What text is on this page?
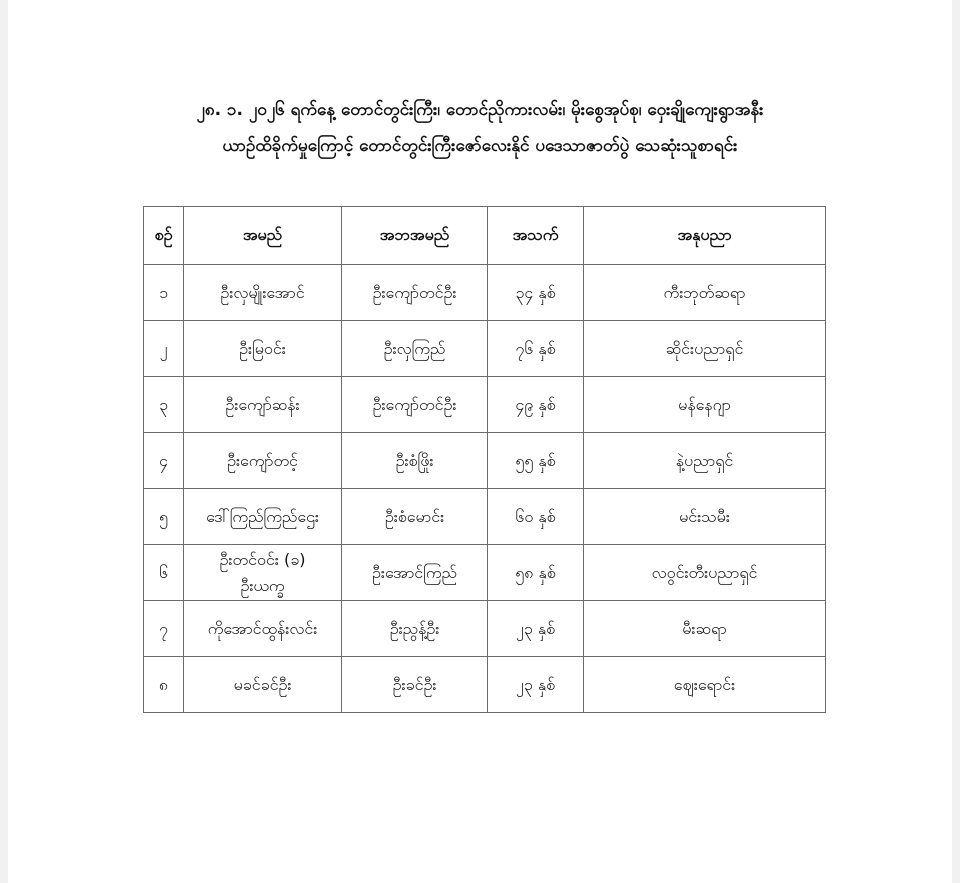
၂၈. ၁. ၂၀၂၆ ရက်နေ့ တောင်တွင်းကြီး၊ တောင်ညိုကားလမ်း၊ မိုးစွေအုပ်စု၊ ဝှေးချိုကျေးရွာအနီး
ယာဥ်ထိခိုက်မှုကြောင့် တောင်တွင်းကြီးဇော်လေးနိုင် ပဒေသာဇာတ်ပွဲ သေဆုံးသူစာရင်း
စဉ်	အမည်	အဘအမည်	အသက်	အနုပညာ
၁	ဦးလှမျိုးအောင်	ဦးကျော်တင်ဦး	၃၄ နှစ်	ကီးဘုတ်ဆရာ
၂	ဦးမြဝင်း	ဦးလှကြည်	၇၆ နှစ်	ဆိုင်းပညာရှင်
၃	ဦးကျော်ဆန်း	ဦးကျော်တင်ဦး	၄၉ နှစ်	မန်နေဂျာ
၄	ဦးကျော်တင့်	ဦးစံဖြိုး	၅၅ နှစ်	နဲ့ပညာရှင်
၅	ဒေါ်ကြည်ကြည်ဌေး	ဦးစံမောင်း	၆၀ နှစ်	မင်းသမီး
၆	ဦးတင်ဝင်း (ခ)
ဦးယက္ခ	ဦးအောင်ကြည်	၅၈ နှစ်	လဝွင်းတီးပညာရှင်
၇	ကိုအောင်ထွန်းလင်း	ဦးညွန့်ဦး	၂၃ နှစ်	မီးဆရာ
၈	မခင်ခင်ဦး	ဦးခင်ဦး	၂၃ နှစ်	ဈေးရောင်း
